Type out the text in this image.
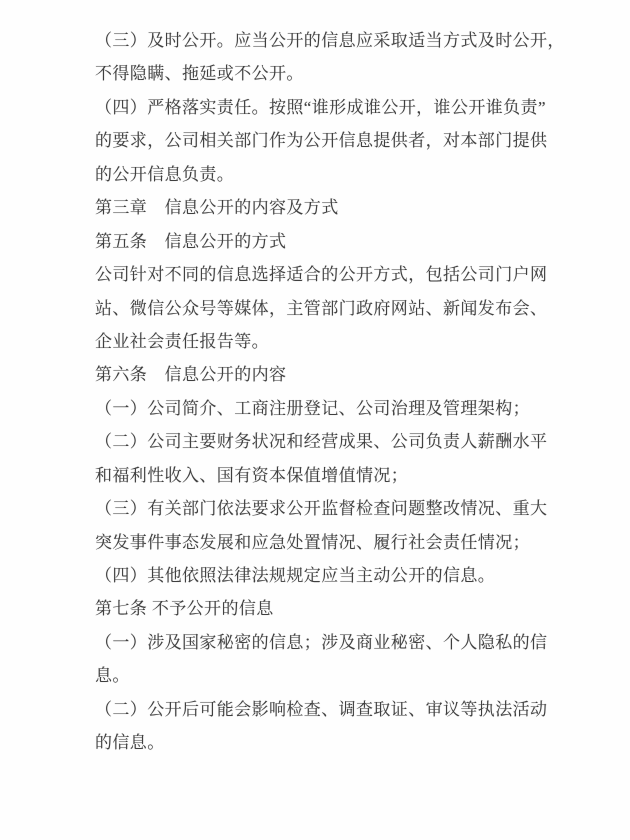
（三）及时公开。应当公开的信息应采取适当方式及时公开，
不得隐瞒、拖延或不公开。
（四）严格落实责任。按照“谁形成谁公开，谁公开谁负责”
的要求，公司相关部门作为公开信息提供者，对本部门提供
的公开信息负责。
第三章　信息公开的内容及方式
第五条　信息公开的方式
公司针对不同的信息选择适合的公开方式，包括公司门户网
站、微信公众号等媒体，主管部门政府网站、新闻发布会、
企业社会责任报告等。
第六条　信息公开的内容
（一）公司简介、工商注册登记、公司治理及管理架构；
（二）公司主要财务状况和经营成果、公司负责人薪酬水平
和福利性收入、国有资本保值增值情况；
（三）有关部门依法要求公开监督检查问题整改情况、重大
突发事件事态发展和应急处置情况、履行社会责任情况；
（四）其他依照法律法规规定应当主动公开的信息。
第七条 不予公开的信息
（一）涉及国家秘密的信息；涉及商业秘密、个人隐私的信
息。
（二）公开后可能会影响检查、调查取证、审议等执法活动
的信息。
